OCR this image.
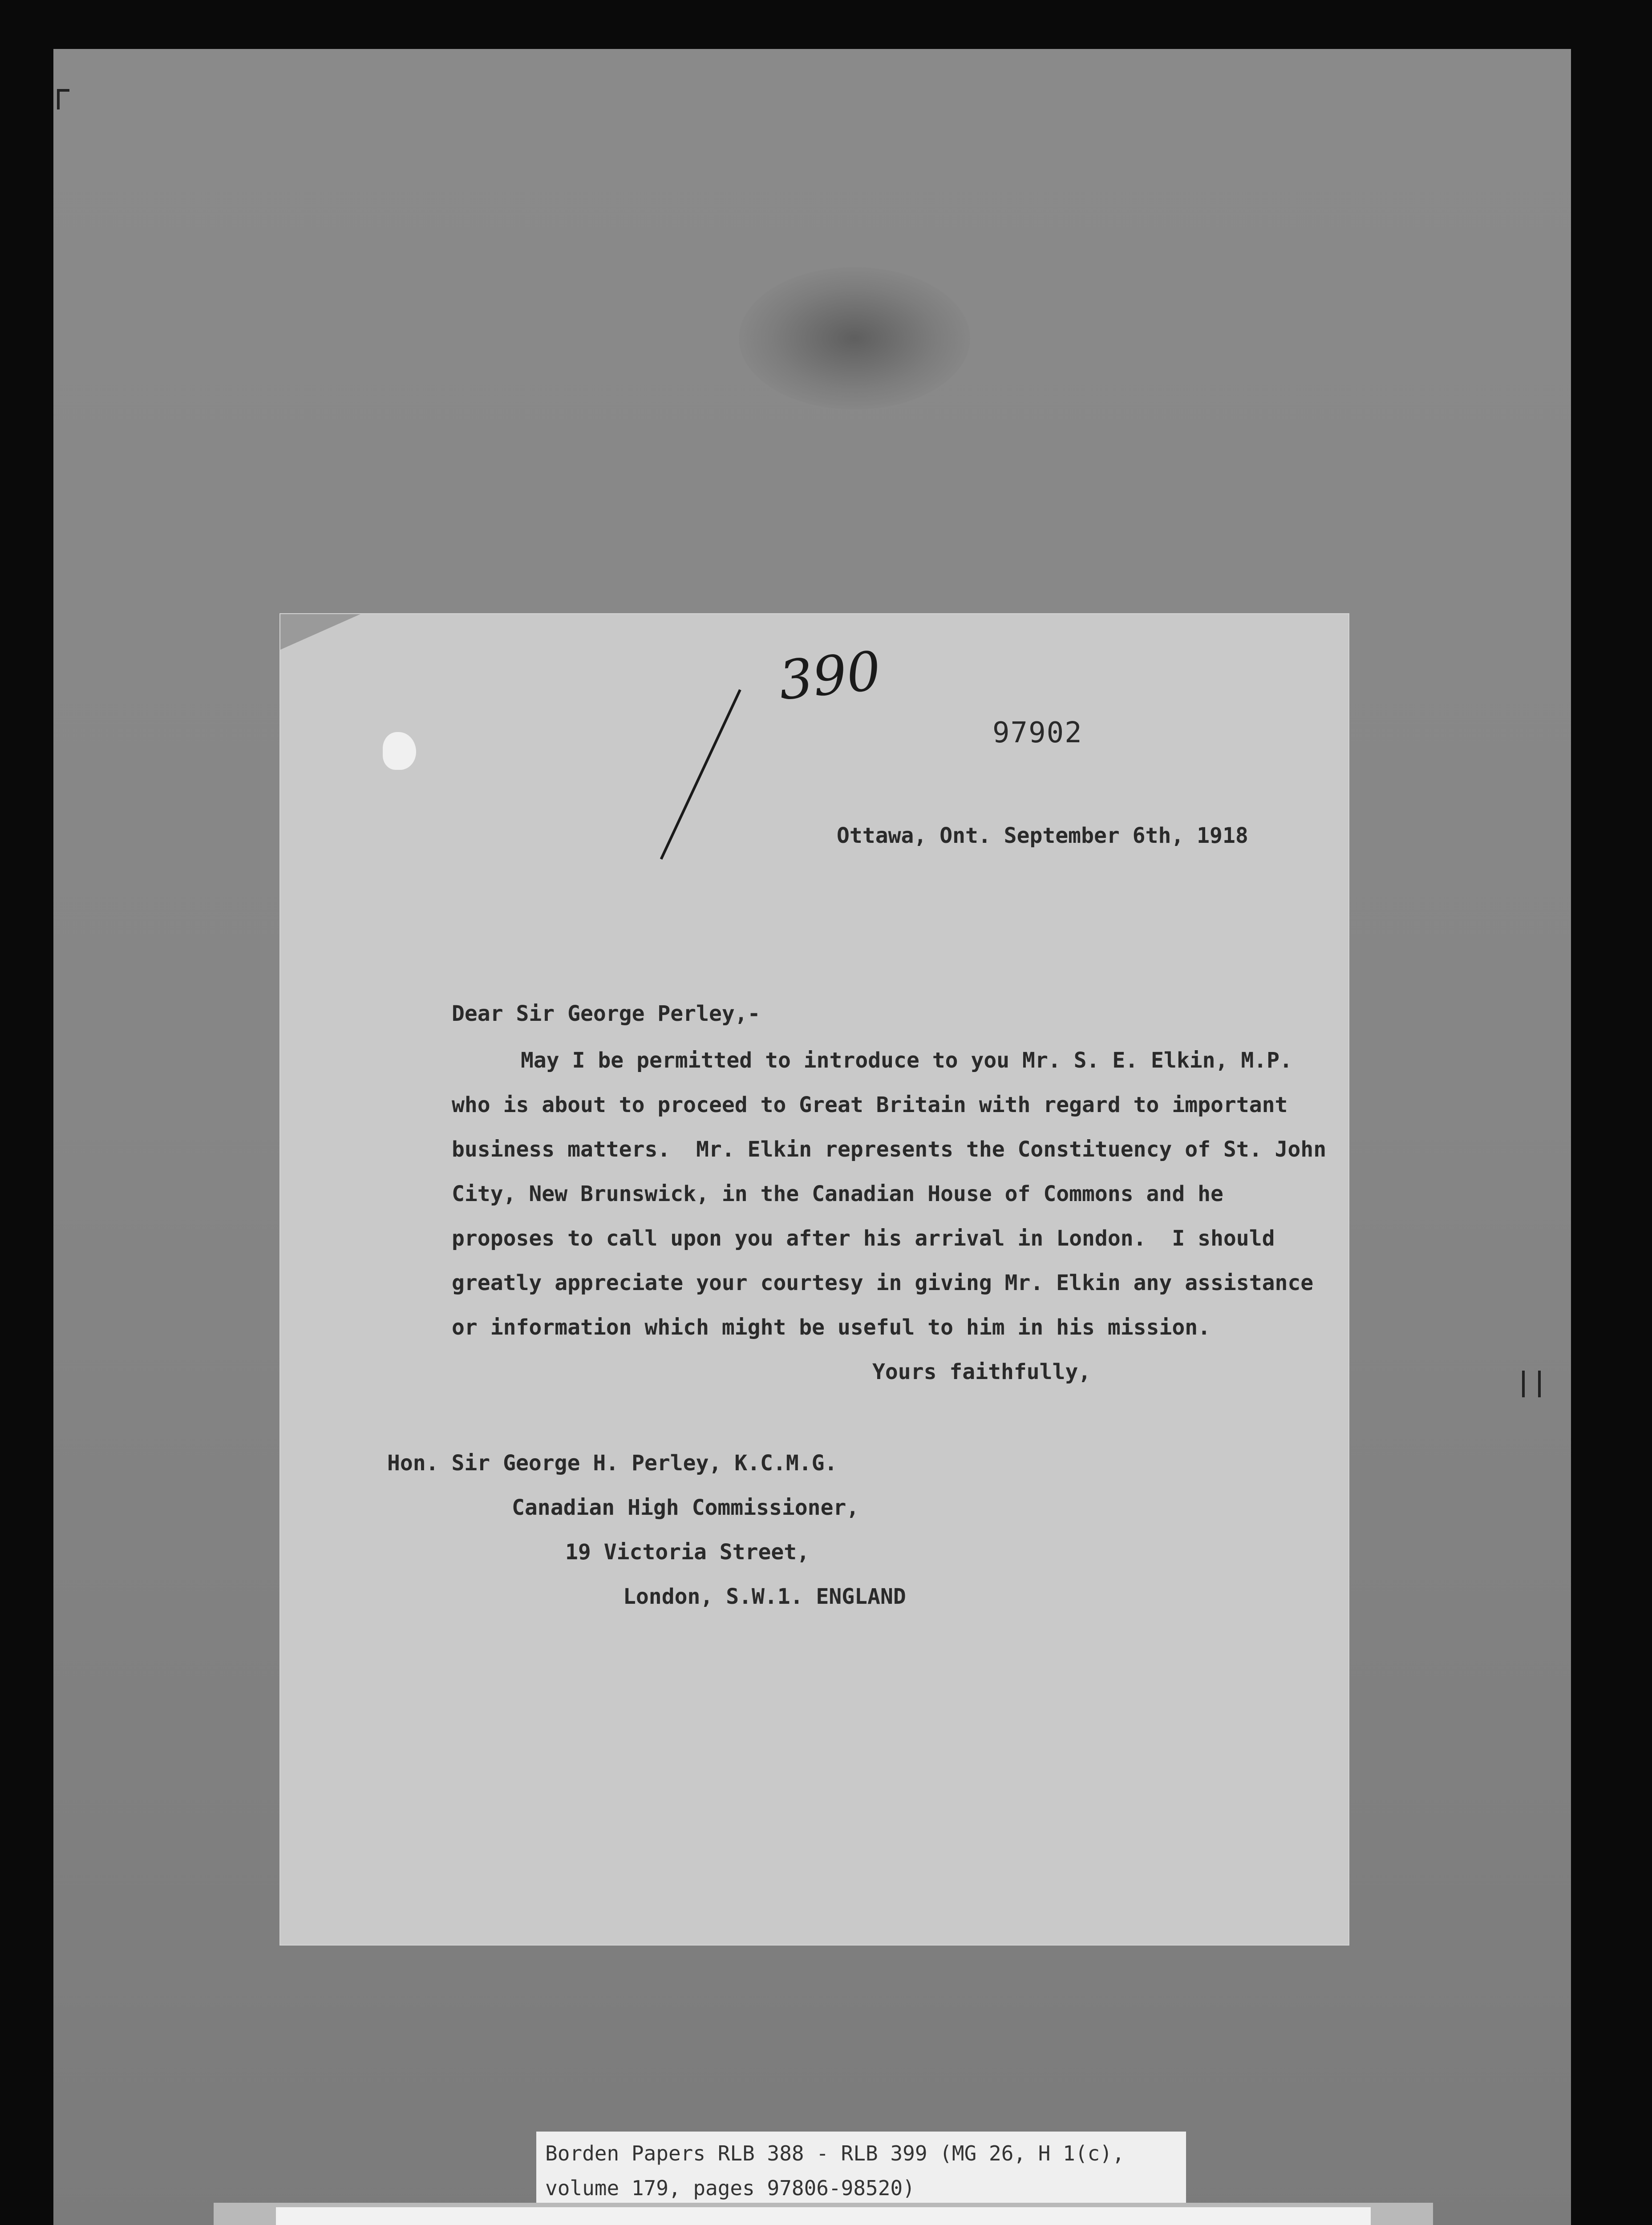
390
97902
Ottawa, Ont. September 6th, 1918
Dear Sir George Perley,-
May I be permitted to introduce to you Mr. S. E. Elkin, M.P.
who is about to proceed to Great Britain with regard to important
business matters.  Mr. Elkin represents the Constituency of St. John
City, New Brunswick, in the Canadian House of Commons and he
proposes to call upon you after his arrival in London.  I should
greatly appreciate your courtesy in giving Mr. Elkin any assistance
or information which might be useful to him in his mission.
Yours faithfully,
Hon. Sir George H. Perley, K.C.M.G.
Canadian High Commissioner,
19 Victoria Street,
London, S.W.1. ENGLAND
Borden Papers RLB 388 - RLB 399 (MG 26, H 1(c),
volume 179, pages 97806-98520)
